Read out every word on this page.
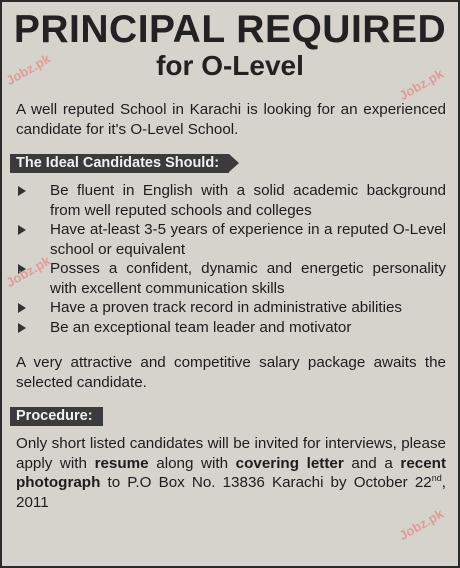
PRINCIPAL REQUIRED
for O-Level

A well reputed School in Karachi is looking for an experienced candidate for it's O-Level School.

The Ideal Candidates Should:
Be fluent in English with a solid academic background from well reputed schools and colleges
Have at-least 3-5 years of experience in a reputed O-Level school or equivalent
Posses a confident, dynamic and energetic personality with excellent communication skills
Have a proven track record in administrative abilities
Be an exceptional team leader and motivator

A very attractive and competitive salary package awaits the selected candidate.

Procedure:

Only short listed candidates will be invited for interviews, please apply with resume along with covering letter and a recent photograph to P.O Box No. 13836 Karachi by October 22nd, 2011

Jobz.pk	Jobz.pk
Jobz.pk
Jobz.pk
